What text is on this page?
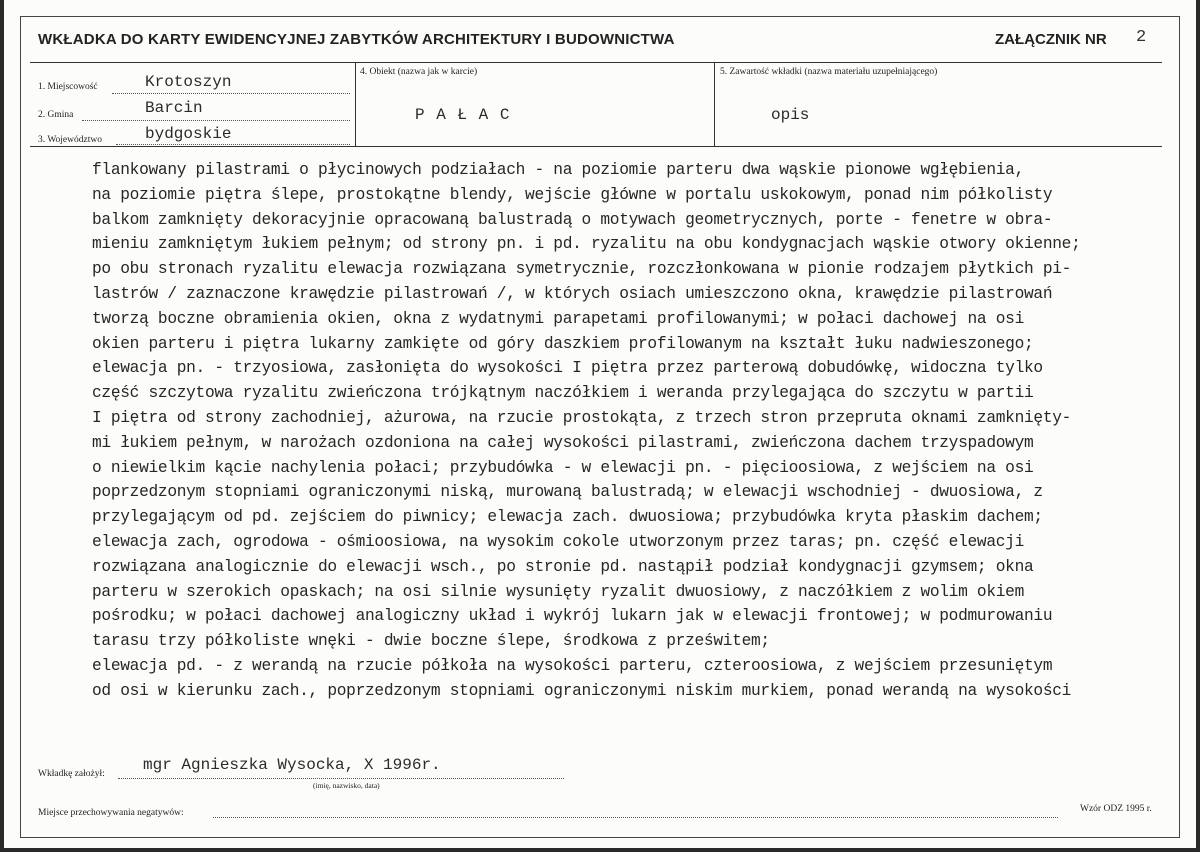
WKŁADKA DO KARTY EWIDENCYJNEJ ZABYTKÓW ARCHITEKTURY I BUDOWNICTWA	ZAŁĄCZNIK NR 2
1. Miejscowość	Krotoszyn
2. Gmina	Barcin
3. Województwo	bydgoskie
4. Obiekt (nazwa jak w karcie)
P A Ł A C
5. Zawartość wkładki (nazwa materiału uzupełniającego)
opis
flankowany pilastrami o płycinowych podziałach - na poziomie parteru dwa wąskie pionowe wgłębienia,
na poziomie piętra ślepe, prostokątne blendy, wejście główne w portalu uskokowym, ponad nim półkolisty
balkom zamknięty dekoracyjnie opracowaną balustradą o motywach geometrycznych, porte - fenetre w obra-
mieniu zamkniętym łukiem pełnym; od strony pn. i pd. ryzalitu na obu kondygnacjach wąskie otwory okienne;
po obu stronach ryzalitu elewacja rozwiązana symetrycznie, rozczłonkowana w pionie rodzajem płytkich pi-
lastrów / zaznaczone krawędzie pilastrowań /, w których osiach umieszczono okna, krawędzie pilastrowań
tworzą boczne obramienia okien, okna z wydatnymi parapetami profilowanymi; w połaci dachowej na osi
okien parteru i piętra lukarny zamkięte od góry daszkiem profilowanym na kształt łuku nadwieszonego;
elewacja pn. - trzyosiowa, zasłonięta do wysokości I piętra przez parterową dobudówkę, widoczna tylko
część szczytowa ryzalitu zwieńczona trójkątnym naczółkiem i weranda przylegająca do szczytu w partii
I piętra od strony zachodniej, ażurowa, na rzucie prostokąta, z trzech stron przepruta oknami zamknięty-
mi łukiem pełnym, w narożach ozdoniona na całej wysokości pilastrami, zwieńczona dachem trzyspadowym
o niewielkim kącie nachylenia połaci; przybudówka - w elewacji pn. - pięcioosiowa, z wejściem na osi
poprzedzonym stopniami ograniczonymi niską, murowaną balustradą; w elewacji wschodniej - dwuosiowa, z
przylegającym od pd. zejściem do piwnicy; elewacja zach. dwuosiowa; przybudówka kryta płaskim dachem;
elewacja zach, ogrodowa - ośmioosiowa, na wysokim cokole utworzonym przez taras; pn. część elewacji
rozwiązana analogicznie do elewacji wsch., po stronie pd. nastąpił podział kondygnacji gzymsem; okna
parteru w szerokich opaskach; na osi silnie wysunięty ryzalit dwuosiowy, z naczółkiem z wolim okiem
pośrodku; w połaci dachowej analogiczny układ i wykrój lukarn jak w elewacji frontowej; w podmurowaniu
tarasu trzy półkoliste wnęki - dwie boczne ślepe, środkowa z prześwitem;
elewacja pd. - z werandą na rzucie półkoła na wysokości parteru, czteroosiowa, z wejściem przesuniętym
od osi w kierunku zach., poprzedzonym stopniami ograniczonymi niskim murkiem, ponad werandą na wysokości
Wkładkę założył: mgr Agnieszka Wysocka, X 1996r.
(imię, nazwisko, data)
Miejsce przechowywania negatywów:	Wzór ODZ 1995 r.
